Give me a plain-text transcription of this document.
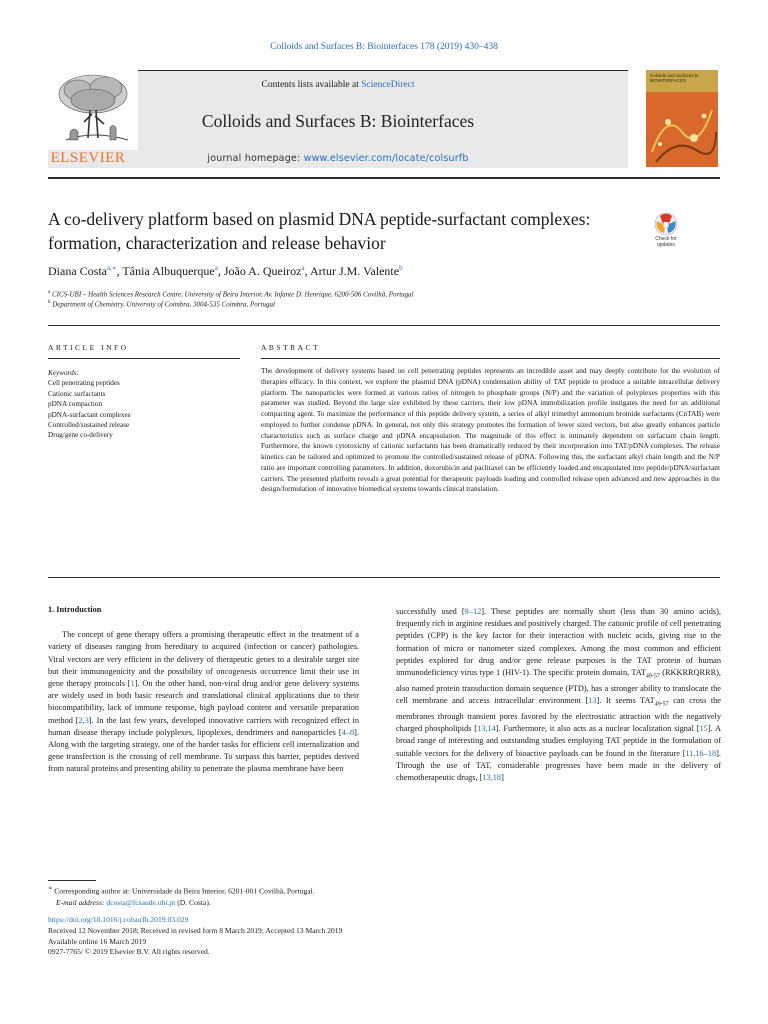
Colloids and Surfaces B: Biointerfaces 178 (2019) 430–438
Contents lists available at ScienceDirect
Colloids and Surfaces B: Biointerfaces
journal homepage: www.elsevier.com/locate/colsurfb
ELSEVIER
Colloids and Surfaces B: BIOINTERFACES
A co-delivery platform based on plasmid DNA peptide-surfactant complexes: formation, characterization and release behavior	Check for updates
Diana Costa$^{a,∗}$, Tânia Albuquerque$^a$, João A. Queiroz$^a$, Artur J.M. Valente$^b$
$^a$ CICS-UBI – Health Sciences Research Centre, University of Beira Interior, Av. Infante D. Henrique, 6200-506 Covilhã, Portugal
$^b$ Department of Chemistry, University of Coimbra, 3004-535 Coimbra, Portugal
ARTICLE INFO
Keywords:
Cell penetrating peptides
Cationic surfactants
pDNA compaction
pDNA-surfactant complexes
Controlled/sustained release
Drug/gene co-delivery
ABSTRACT
The development of delivery systems based on cell penetrating peptides represents an incredible asset and may deeply contribute for the evolution of therapies efficacy. In this context, we explore the plasmid DNA (pDNA) condensation ability of TAT peptide to produce a suitable intracellular delivery platform. The nanoparticles were formed at various ratios of nitrogen to phosphate groups (N/P) and the variation of polyplexes properties with this parameter was studied. Beyond the large size exhibited by these carriers, their low pDNA immobilization profile instigates the need for an additional compacting agent. To maximize the performance of this peptide delivery system, a series of alkyl trimethyl ammonium bromide surfactants (CnTAB) were employed to further condense pDNA. In general, not only this strategy promotes the formation of lower sized vectors, but also greatly enhances particle characteristics such as surface charge and pDNA encapsulation. The magnitude of this effect is intimately dependent on surfactant chain length. Furthermore, the known cytotoxicity of cationic surfactants has been dramatically reduced by their incorporation into TAT/pDNA complexes. The release kinetics can be tailored and optimized to promote the controlled/sustained release of pDNA. Following this, the surfactant alkyl chain length and the N/P ratio are important controlling parameters. In addition, doxorubicin and paclitaxel can be efficiently loaded and encapsulated into peptide/pDNA/surfactant carriers. The presented platform reveals a great potential for therapeutic payloads loading and controlled release open advanced and new approaches in the design/formulation of innovative biomedical systems towards clinical translation.
1. Introduction

The concept of gene therapy offers a promising therapeutic effect in the treatment of a variety of diseases ranging from hereditary to acquired (infection or cancer) pathologies. Viral vectors are very efficient in the delivery of therapeutic genes to a desirable target site but their immunogenicity and the possibility of oncogenesis occurrence limit their use in gene therapy protocols [1]. On the other hand, non-viral drug and/or gene delivery systems are widely used in both basic research and translational clinical applications due to their biocompatibility, lack of immune response, high payload content and versatile preparation method [2,3]. In the last few years, developed innovative carriers with recognized effect in human disease therapy include polyplexes, lipoplexes, dendrimers and nanoparticles [4–8]. Along with the targeting strategy, one of the harder tasks for efficient cell internalization and gene transfection is the crossing of cell membrane. To surpass this barrier, peptides derived from natural proteins and presenting ability to penetrate the plasma membrane have been

successfully used [9–12]. These peptides are normally short (less than 30 amino acids), frequently rich in arginine residues and positively charged. The cationic profile of cell penetrating peptides (CPP) is the key factor for their interaction with nucleic acids, giving rise to the formation of micro or nanometer sized complexes. Among the most common and efficient peptides explored for drug and/or gene release purposes is the TAT protein of human immunodeficiency virus type 1 (HIV-1). The specific protein domain, $TAT_{49-57}$ (RKKRRQRRR), also named protein transduction domain sequence (PTD), has a stronger ability to translocate the cell membrane and access intracellular environment [13]. It seems $TAT_{49-57}$ can cross the membranes through transient pores favored by the electrostatic attraction with the negatively charged phospholipids [13,14]. Furthermore, it also acts as a nuclear localization signal [15]. A broad range of interesting and outstanding studies employing TAT peptide in the formulation of suitable vectors for the delivery of bioactive payloads can be found in the literature [11,16–18]. Through the use of TAT, considerable progresses have been made in the delivery of chemotherapeutic drugs, [13,18]

∗ Corresponding author at: Universidade da Beira Interior, 6201-001 Covilhã, Portugal.
E-mail address: dcosta@fcsaude.ubi.pt (D. Costa).
https://doi.org/10.1016/j.colsurfb.2019.03.029
Received 12 November 2018; Received in revised form 8 March 2019; Accepted 13 March 2019
Available online 16 March 2019
0927-7765/ © 2019 Elsevier B.V. All rights reserved.
